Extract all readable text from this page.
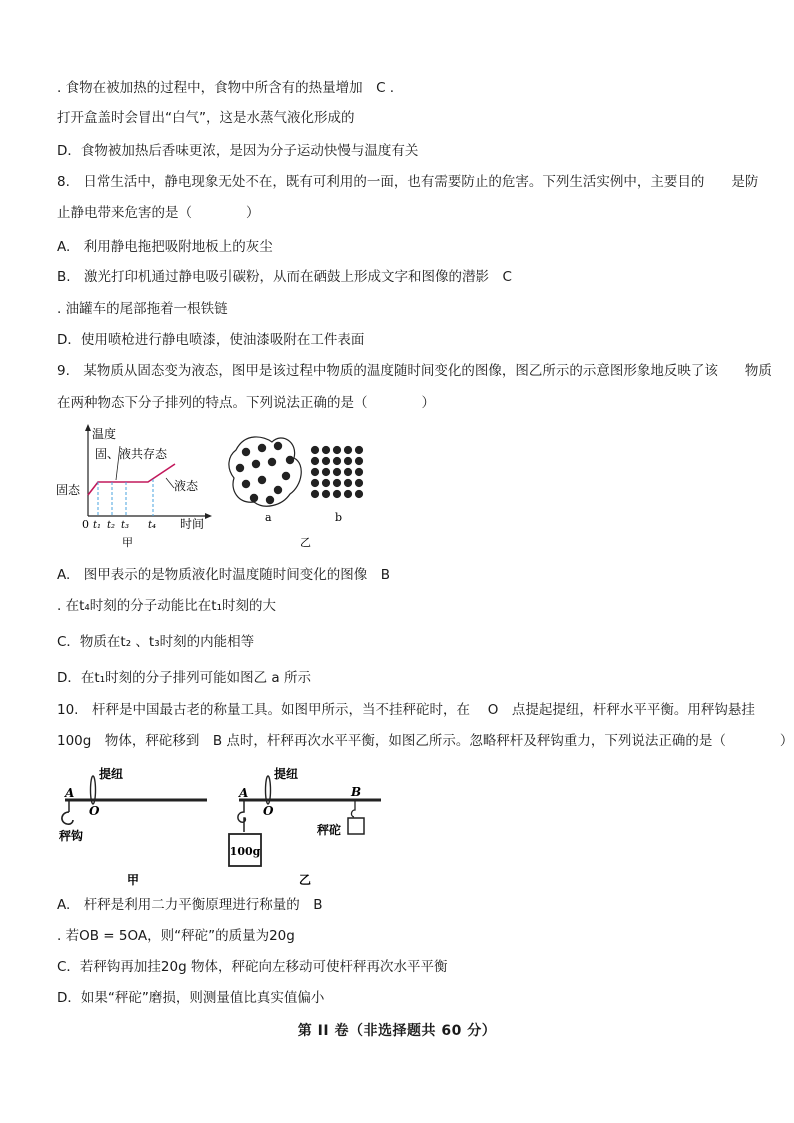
. 食物在被加热的过程中，食物中所含有的热量增加　C .
打开盒盖时会冒出“白气”，这是水蒸气液化形成的
D．食物被加热后香味更浓，是因为分子运动快慢与温度有关
8.　日常生活中，静电现象无处不在，既有可利用的一面，也有需要防止的危害。下列生活实例中，主要目的　　是防
止静电带来危害的是（　　　　）
A.　利用静电拖把吸附地板上的灰尘
B.　激光打印机通过静电吸引碳粉，从而在硒鼓上形成文字和图像的潜影　C
. 油罐车的尾部拖着一根铁链
D．使用喷枪进行静电喷漆，使油漆吸附在工件表面
9.　某物质从固态变为液态，图甲是该过程中物质的温度随时间变化的图像，图乙所示的示意图形象地反映了该　　物质
在两种物态下分子排列的特点。下列说法正确的是（　　　　）
温度
固、液共存态
固态	液态
0 t₁ t₂ t₃ t₄ 时间
甲
a	b
乙
A.　图甲表示的是物质液化时温度随时间变化的图像　B
. 在t₄时刻的分子动能比在t₁时刻的大
C．物质在t₂ 、t₃时刻的内能相等
D．在t₁时刻的分子排列可能如图乙 a 所示
10.　杆秤是中国最古老的称量工具。如图甲所示，当不挂秤砣时，在　 O　点提起提纽，杆秤水平平衡。用秤钩悬挂
100g　物体，秤砣移到　B 点时，杆秤再次水平平衡，如图乙所示。忽略秤杆及秤钩重力，下列说法正确的是（　　　　）
提纽
A
O
秤钩
甲
100g
提纽
A
O
B
秤砣
乙
A.　杆秤是利用二力平衡原理进行称量的　B
. 若OB = 5OA，则“秤砣”的质量为20g
C．若秤钩再加挂20g 物体，秤砣向左移动可使杆秤再次水平平衡
D．如果“秤砣”磨损，则测量值比真实值偏小
第 II 卷（非选择题共 60 分）
